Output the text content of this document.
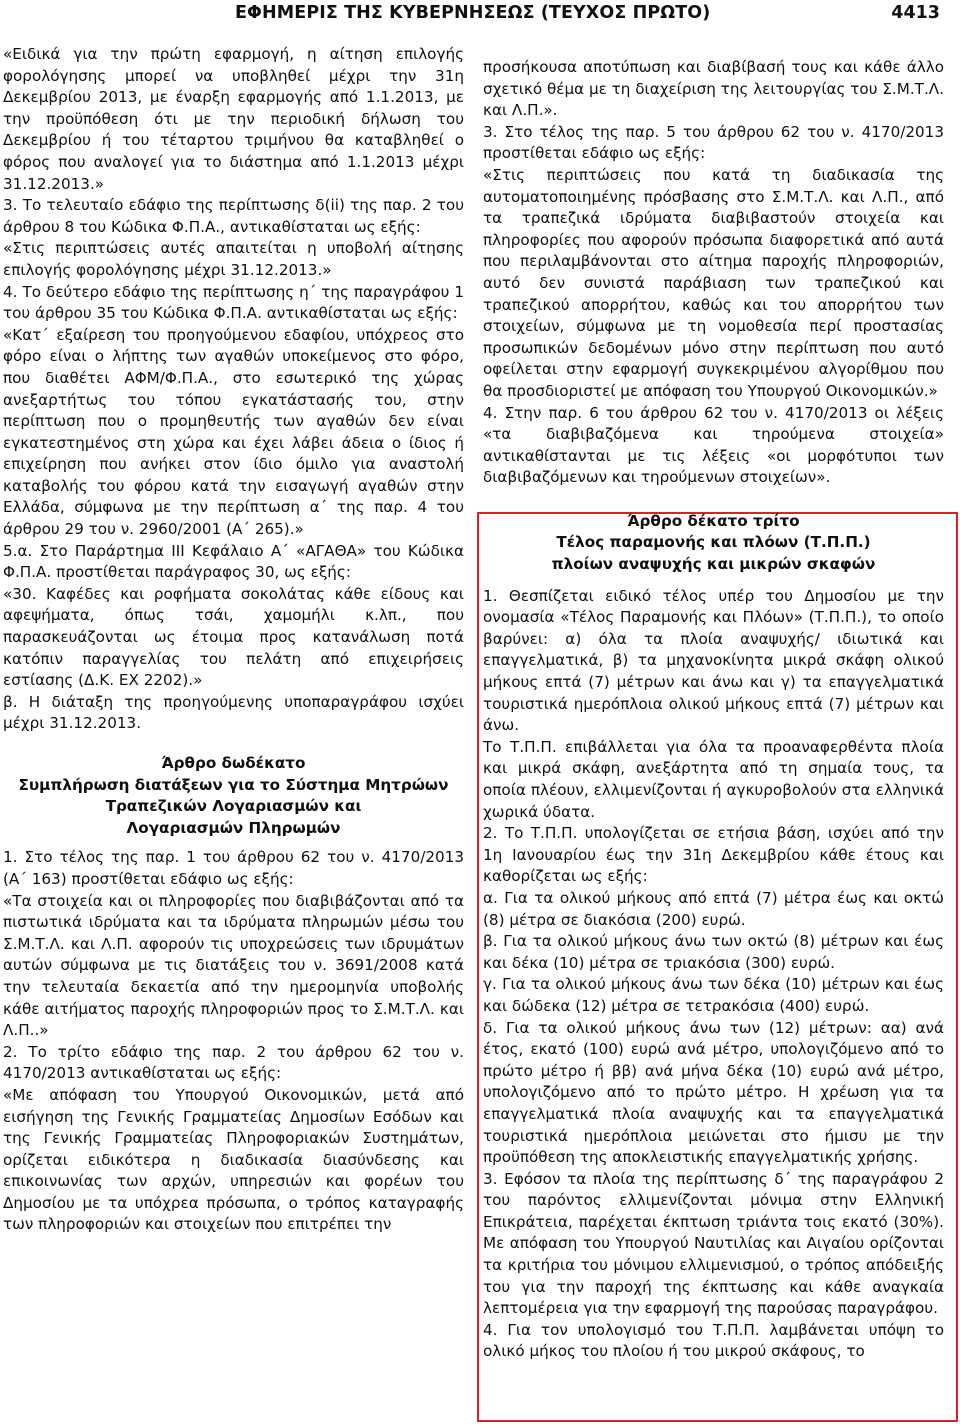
ΕΦΗΜΕΡΙΣ ΤΗΣ ΚΥΒΕΡΝΗΣΕΩΣ (ΤΕΥΧΟΣ ΠΡΩΤΟ)	4413

«Ειδικά για την πρώτη εφαρμογή, η αίτηση επιλογής φορολόγησης μπορεί να υποβληθεί μέχρι την 31η Δεκεμβρίου 2013, με έναρξη εφαρμογής από 1.1.2013, με την προϋπόθεση ότι με την περιοδική δήλωση του Δεκεμβρίου ή του τέταρτου τριμήνου θα καταβληθεί ο φόρος που αναλογεί για το διάστημα από 1.1.2013 μέχρι 31.12.2013.»

3. Το τελευταίο εδάφιο της περίπτωσης δ(ii) της παρ. 2 του άρθρου 8 του Κώδικα Φ.Π.Α., αντικαθίσταται ως εξής:

«Στις περιπτώσεις αυτές απαιτείται η υποβολή αίτησης επιλογής φορολόγησης μέχρι 31.12.2013.»

4. Το δεύτερο εδάφιο της περίπτωσης η΄ της παραγράφου 1 του άρθρου 35 του Κώδικα Φ.Π.Α. αντικαθίσταται ως εξής:

«Κατ΄ εξαίρεση του προηγούμενου εδαφίου, υπόχρεος στο φόρο είναι ο λήπτης των αγαθών υποκείμενος στο φόρο, που διαθέτει ΑΦΜ/Φ.Π.Α., στο εσωτερικό της χώρας ανεξαρτήτως του τόπου εγκατάστασής του, στην περίπτωση που ο προμηθευτής των αγαθών δεν είναι εγκατεστημένος στη χώρα και έχει λάβει άδεια ο ίδιος ή επιχείρηση που ανήκει στον ίδιο όμιλο για αναστολή καταβολής του φόρου κατά την εισαγωγή αγαθών στην Ελλάδα, σύμφωνα με την περίπτωση α΄ της παρ. 4 του άρθρου 29 του ν. 2960/2001 (Α΄ 265).»

5.α. Στο Παράρτημα ΙΙΙ Κεφάλαιο Α΄ «ΑΓΑΘΑ» του Κώδικα Φ.Π.Α. προστίθεται παράγραφος 30, ως εξής:

«30. Καφέδες και ροφήματα σοκολάτας κάθε είδους και αφεψήματα, όπως τσάι, χαμομήλι κ.λπ., που παρασκευάζονται ως έτοιμα προς κατανάλωση ποτά κατόπιν παραγγελίας του πελάτη από επιχειρήσεις εστίασης (Δ.Κ. ΕΧ 2202).»

β. Η διάταξη της προηγούμενης υποπαραγράφου ισχύει μέχρι 31.12.2013.

Άρθρο δωδέκατο

Συμπλήρωση διατάξεων για το Σύστημα Μητρώων

Τραπεζικών Λογαριασμών και

Λογαριασμών Πληρωμών

1. Στο τέλος της παρ. 1 του άρθρου 62 του ν. 4170/2013 (Α΄ 163) προστίθεται εδάφιο ως εξής:

«Τα στοιχεία και οι πληροφορίες που διαβιβάζονται από τα πιστωτικά ιδρύματα και τα ιδρύματα πληρωμών μέσω του Σ.Μ.Τ.Λ. και Λ.Π. αφορούν τις υποχρεώσεις των ιδρυμάτων αυτών σύμφωνα με τις διατάξεις του ν. 3691/2008 κατά την τελευταία δεκαετία από την ημερομηνία υποβολής κάθε αιτήματος παροχής πληροφοριών προς το Σ.Μ.Τ.Λ. και Λ.Π..»

2. Το τρίτο εδάφιο της παρ. 2 του άρθρου 62 του ν. 4170/2013 αντικαθίσταται ως εξής:

«Με απόφαση του Υπουργού Οικονομικών, μετά από εισήγηση της Γενικής Γραμματείας Δημοσίων Εσόδων και της Γενικής Γραμματείας Πληροφοριακών Συστημάτων, ορίζεται ειδικότερα η διαδικασία διασύνδεσης και επικοινωνίας των αρχών, υπηρεσιών και φορέων του Δημοσίου με τα υπόχρεα πρόσωπα, ο τρόπος καταγραφής των πληροφοριών και στοιχείων που επιτρέπει την

προσήκουσα αποτύπωση και διαβίβασή τους και κάθε άλλο σχετικό θέμα με τη διαχείριση της λειτουργίας του Σ.Μ.Τ.Λ. και Λ.Π.».

3. Στο τέλος της παρ. 5 του άρθρου 62 του ν. 4170/2013 προστίθεται εδάφιο ως εξής:

«Στις περιπτώσεις που κατά τη διαδικασία της αυτοματοποιημένης πρόσβασης στο Σ.Μ.Τ.Λ. και Λ.Π., από τα τραπεζικά ιδρύματα διαβιβαστούν στοιχεία και πληροφορίες που αφορούν πρόσωπα διαφορετικά από αυτά που περιλαμβάνονται στο αίτημα παροχής πληροφοριών, αυτό δεν συνιστά παράβιαση των τραπεζικού και τραπεζικού απορρήτου, καθώς και του απορρήτου των στοιχείων, σύμφωνα με τη νομοθεσία περί προστασίας προσωπικών δεδομένων μόνο στην περίπτωση που αυτό οφείλεται στην εφαρμογή συγκεκριμένου αλγορίθμου που θα προσδιοριστεί με απόφαση του Υπουργού Οικονομικών.»

4. Στην παρ. 6 του άρθρου 62 του ν. 4170/2013 οι λέξεις «τα διαβιβαζόμενα και τηρούμενα στοιχεία» αντικαθίστανται με τις λέξεις «οι μορφότυποι των διαβιβαζόμενων και τηρούμενων στοιχείων».

Άρθρο δέκατο τρίτο

Τέλος παραμονής και πλόων (Τ.Π.Π.)

πλοίων αναψυχής και μικρών σκαφών

1. Θεσπίζεται ειδικό τέλος υπέρ του Δημοσίου με την ονομασία «Τέλος Παραμονής και Πλόων» (Τ.Π.Π.), το οποίο βαρύνει: α) όλα τα πλοία αναψυχής/ ιδιωτικά και επαγγελματικά, β) τα μηχανοκίνητα μικρά σκάφη ολικού μήκους επτά (7) μέτρων και άνω και γ) τα επαγγελματικά τουριστικά ημερόπλοια ολικού μήκους επτά (7) μέτρων και άνω.

Το Τ.Π.Π. επιβάλλεται για όλα τα προαναφερθέντα πλοία και μικρά σκάφη, ανεξάρτητα από τη σημαία τους, τα οποία πλέουν, ελλιμενίζονται ή αγκυροβολούν στα ελληνικά χωρικά ύδατα.

2. Το Τ.Π.Π. υπολογίζεται σε ετήσια βάση, ισχύει από την 1η Ιανουαρίου έως την 31η Δεκεμβρίου κάθε έτους και καθορίζεται ως εξής:

α. Για τα ολικού μήκους από επτά (7) μέτρα έως και οκτώ (8) μέτρα σε διακόσια (200) ευρώ.

β. Για τα ολικού μήκους άνω των οκτώ (8) μέτρων και έως και δέκα (10) μέτρα σε τριακόσια (300) ευρώ.

γ. Για τα ολικού μήκους άνω των δέκα (10) μέτρων και έως και δώδεκα (12) μέτρα σε τετρακόσια (400) ευρώ.

δ. Για τα ολικού μήκους άνω των (12) μέτρων: αα) ανά έτος, εκατό (100) ευρώ ανά μέτρο, υπολογιζόμενο από το πρώτο μέτρο ή ββ) ανά μήνα δέκα (10) ευρώ ανά μέτρο, υπολογιζόμενο από το πρώτο μέτρο. Η χρέωση για τα επαγγελματικά πλοία αναψυχής και τα επαγγελματικά τουριστικά ημερόπλοια μειώνεται στο ήμισυ με την προϋπόθεση της αποκλειστικής επαγγελματικής χρήσης.

3. Εφόσον τα πλοία της περίπτωσης δ΄ της παραγράφου 2 του παρόντος ελλιμενίζονται μόνιμα στην Ελληνική Επικράτεια, παρέχεται έκπτωση τριάντα τοις εκατό (30%). Με απόφαση του Υπουργού Ναυτιλίας και Αιγαίου ορίζονται τα κριτήρια του μόνιμου ελλιμενισμού, ο τρόπος απόδειξής του για την παροχή της έκπτωσης και κάθε αναγκαία λεπτομέρεια για την εφαρμογή της παρούσας παραγράφου.

4. Για τον υπολογισμό του Τ.Π.Π. λαμβάνεται υπόψη το ολικό μήκος του πλοίου ή του μικρού σκάφους, το
